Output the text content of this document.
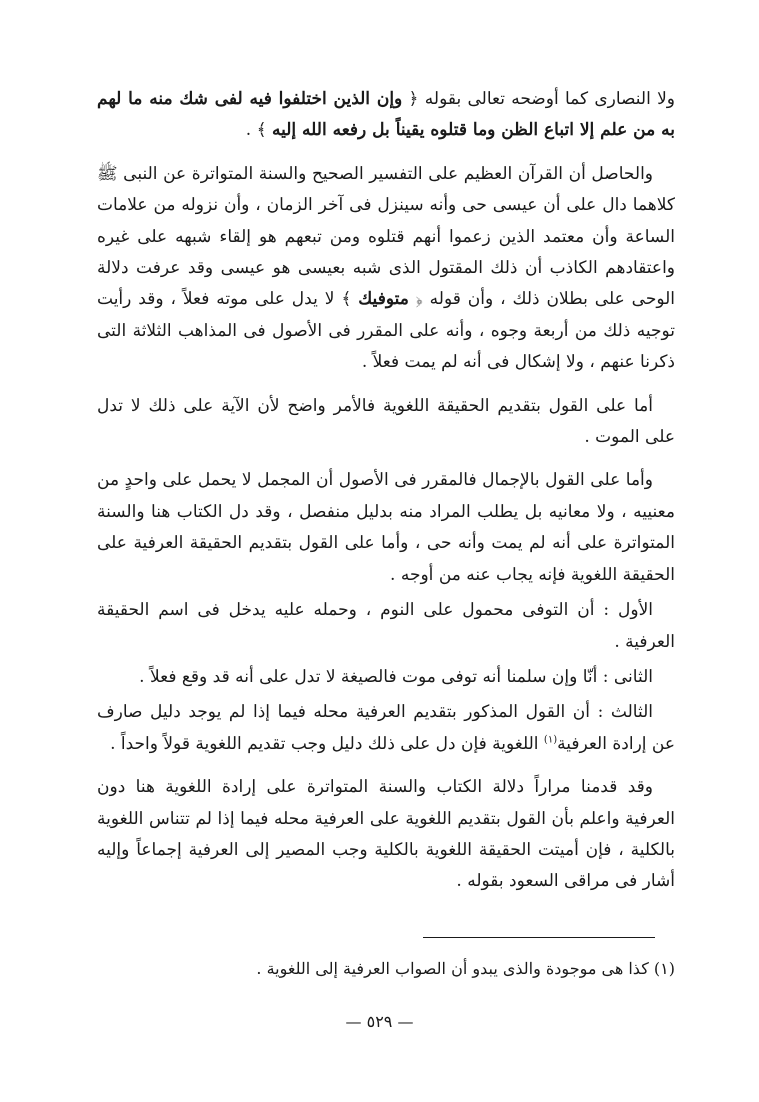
ولا النصارى كما أوضحه تعالى بقوله ﴿ وإن الذين اختلفوا فيه لفى شك منه ما لهم به من علم إلا اتباع الظن وما قتلوه يقيناً بل رفعه الله إليه ﴾ .

والحاصل أن القرآن العظيم على التفسير الصحيح والسنة المتواترة عن النبى ﷺ كلاهما دال على أن عيسى حى وأنه سينزل فى آخر الزمان ، وأن نزوله من علامات الساعة وأن معتمد الذين زعموا أنهم قتلوه ومن تبعهم هو إلقاء شبهه على غيره واعتقادهم الكاذب أن ذلك المقتول الذى شبه بعيسى هو عيسى وقد عرفت دلالة الوحى على بطلان ذلك ، وأن قوله ﴿ متوفيك ﴾ لا يدل على موته فعلاً ، وقد رأيت توجيه ذلك من أربعة وجوه ، وأنه على المقرر فى الأصول فى المذاهب الثلاثة التى ذكرنا عنهم ، ولا إشكال فى أنه لم يمت فعلاً .

أما على القول بتقديم الحقيقة اللغوية فالأمر واضح لأن الآية على ذلك لا تدل على الموت .

وأما على القول بالإجمال فالمقرر فى الأصول أن المجمل لا يحمل على واحدٍ من معنييه ، ولا معانيه بل يطلب المراد منه بدليل منفصل ، وقد دل الكتاب هنا والسنة المتواترة على أنه لم يمت وأنه حى ، وأما على القول بتقديم الحقيقة العرفية على الحقيقة اللغوية فإنه يجاب عنه من أوجه .

الأول : أن التوفى محمول على النوم ، وحمله عليه يدخل فى اسم الحقيقة العرفية .

الثانى : أنّا وإن سلمنا أنه توفى موت فالصيغة لا تدل على أنه قد وقع فعلاً .

الثالث : أن القول المذكور بتقديم العرفية محله فيما إذا لم يوجد دليل صارف عن إرادة العرفية$^{(١)}$ اللغوية فإن دل على ذلك دليل وجب تقديم اللغوية قولاً واحداً .

وقد قدمنا مراراً دلالة الكتاب والسنة المتواترة على إرادة اللغوية هنا دون العرفية واعلم بأن القول بتقديم اللغوية على العرفية محله فيما إذا لم تتناس اللغوية بالكلية ، فإن أميتت الحقيقة اللغوية بالكلية وجب المصير إلى العرفية إجماعاً وإليه أشار فى مراقى السعود بقوله .

(١) كذا هى موجودة والذى يبدو أن الصواب العرفية إلى اللغوية .
— ٥٢٩ —
